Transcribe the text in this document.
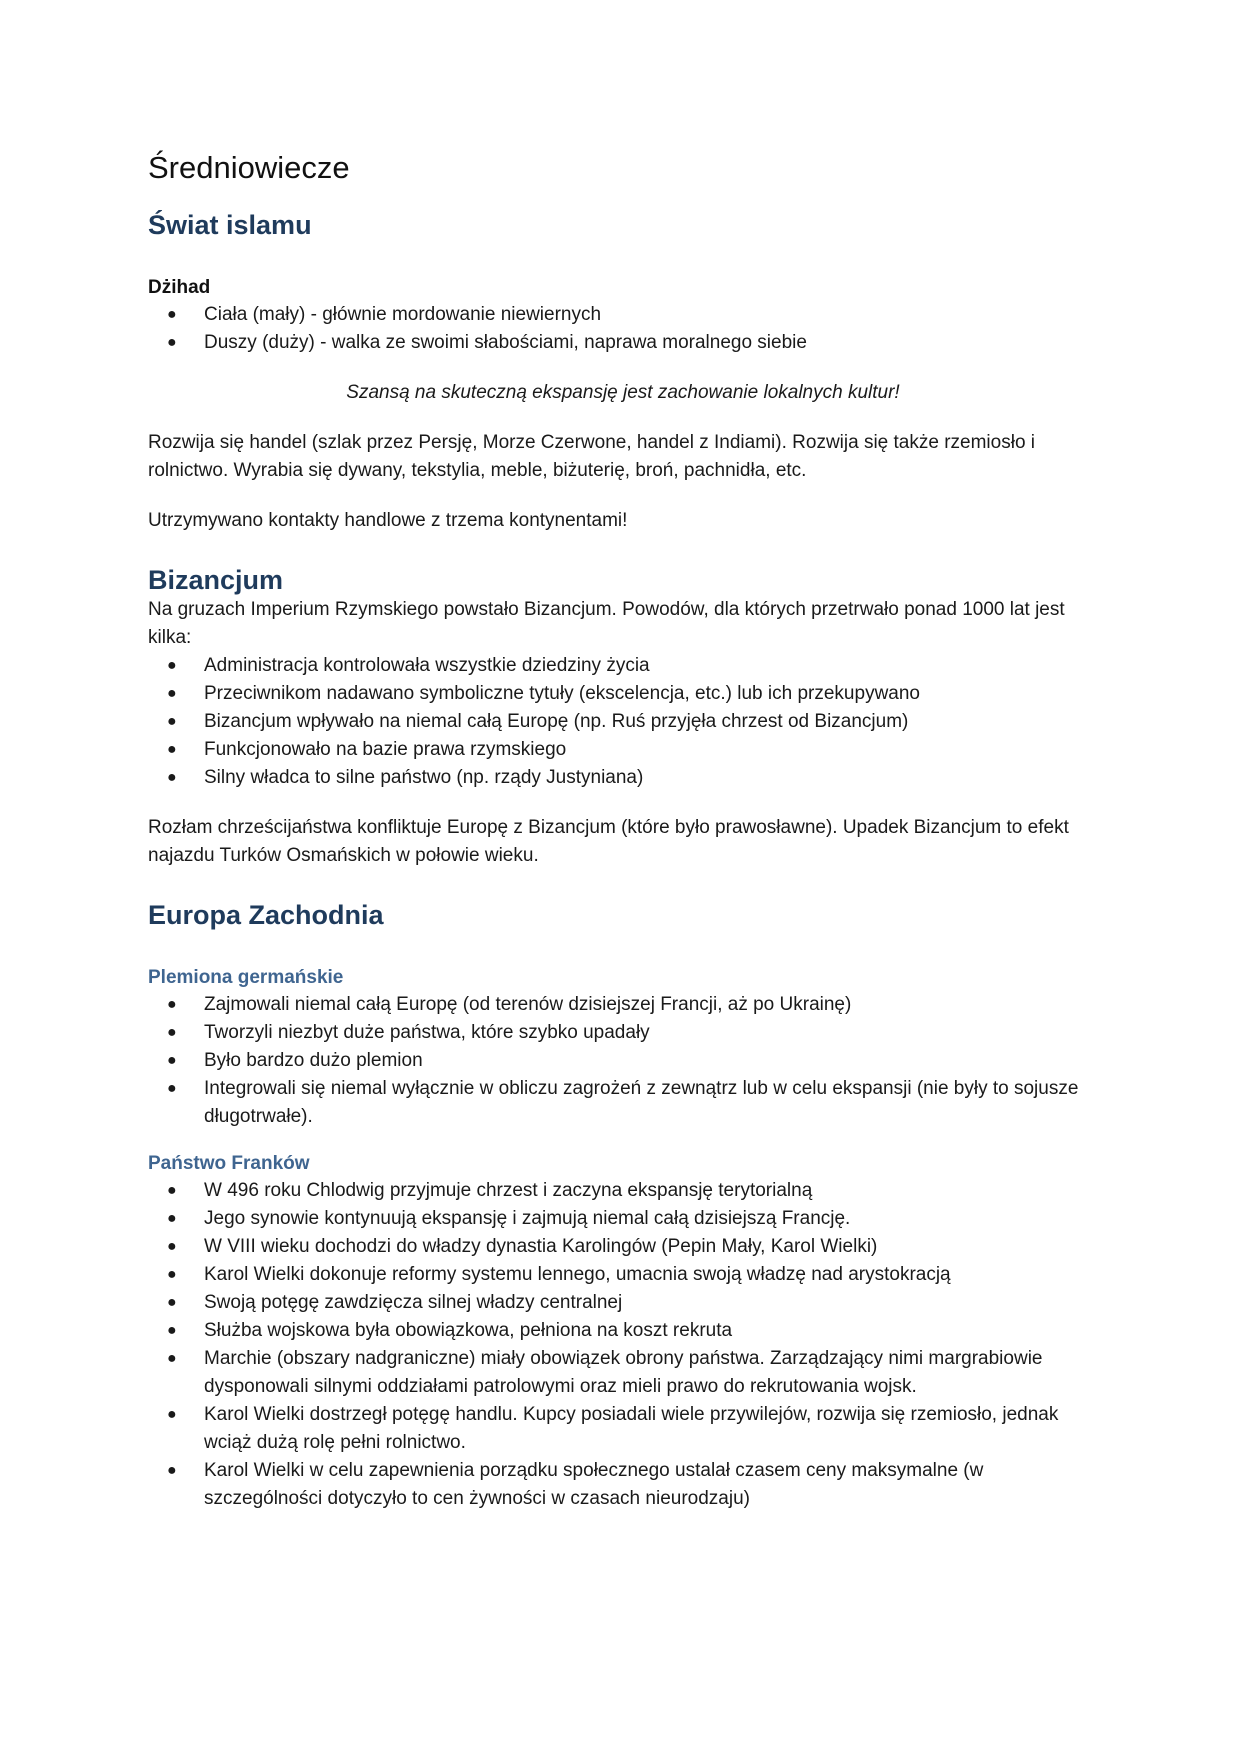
Średniowiecze
Świat islamu
Dżihad
● Ciała (mały) - głównie mordowanie niewiernych
● Duszy (duży) - walka ze swoimi słabościami, naprawa moralnego siebie

Szansą na skuteczną ekspansję jest zachowanie lokalnych kultur!

Rozwija się handel (szlak przez Persję, Morze Czerwone, handel z Indiami). Rozwija się także rzemiosło i rolnictwo. Wyrabia się dywany, tekstylia, meble, biżuterię, broń, pachnidła, etc.

Utrzymywano kontakty handlowe z trzema kontynentami!

Bizancjum

Na gruzach Imperium Rzymskiego powstało Bizancjum. Powodów, dla których przetrwało ponad 1000 lat jest kilka:

● Administracja kontrolowała wszystkie dziedziny życia
● Przeciwnikom nadawano symboliczne tytuły (ekscelencja, etc.) lub ich przekupywano
● Bizancjum wpływało na niemal całą Europę (np. Ruś przyjęła chrzest od Bizancjum)
● Funkcjonowało na bazie prawa rzymskiego
● Silny władca to silne państwo (np. rządy Justyniana)

Rozłam chrześcijaństwa konfliktuje Europę z Bizancjum (które było prawosławne). Upadek Bizancjum to efekt najazdu Turków Osmańskich w połowie wieku.

Europa Zachodnia
Plemiona germańskie
● Zajmowali niemal całą Europę (od terenów dzisiejszej Francji, aż po Ukrainę)
● Tworzyli niezbyt duże państwa, które szybko upadały
● Było bardzo dużo plemion
● Integrowali się niemal wyłącznie w obliczu zagrożeń z zewnątrz lub w celu ekspansji (nie były to sojusze długotrwałe).
Państwo Franków
● W 496 roku Chlodwig przyjmuje chrzest i zaczyna ekspansję terytorialną
● Jego synowie kontynuują ekspansję i zajmują niemal całą dzisiejszą Francję.
● W VIII wieku dochodzi do władzy dynastia Karolingów (Pepin Mały, Karol Wielki)
● Karol Wielki dokonuje reformy systemu lennego, umacnia swoją władzę nad arystokracją
● Swoją potęgę zawdzięcza silnej władzy centralnej
● Służba wojskowa była obowiązkowa, pełniona na koszt rekruta
● Marchie (obszary nadgraniczne) miały obowiązek obrony państwa. Zarządzający nimi margrabiowie dysponowali silnymi oddziałami patrolowymi oraz mieli prawo do rekrutowania wojsk.
● Karol Wielki dostrzegł potęgę handlu. Kupcy posiadali wiele przywilejów, rozwija się rzemiosło, jednak wciąż dużą rolę pełni rolnictwo.
● Karol Wielki w celu zapewnienia porządku społecznego ustalał czasem ceny maksymalne (w szczególności dotyczyło to cen żywności w czasach nieurodzaju)
